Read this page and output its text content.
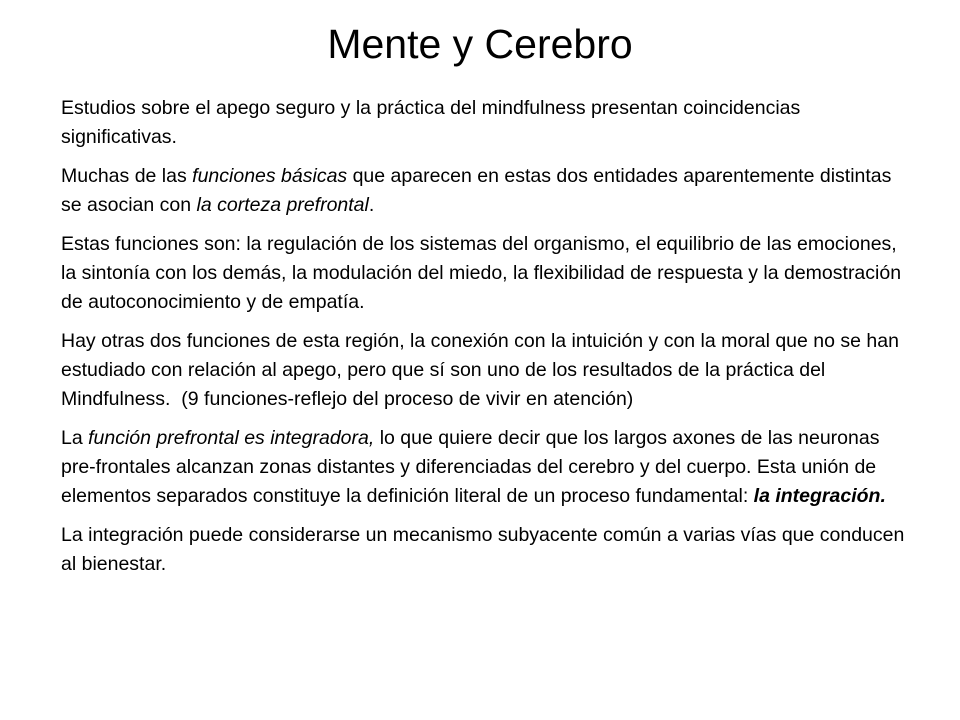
Mente y Cerebro

Estudios sobre el apego seguro y la práctica del mindfulness presentan coincidencias significativas.

Muchas de las funciones básicas que aparecen en estas dos entidades aparentemente distintas se asocian con la corteza prefrontal.

Estas funciones son: la regulación de los sistemas del organismo, el equilibrio de las emociones, la sintonía con los demás, la modulación del miedo, la flexibilidad de respuesta y la demostración de autoconocimiento y de empatía.

Hay otras dos funciones de esta región, la conexión con la intuición y con la moral que no se han estudiado con relación al apego, pero que sí son uno de los resultados de la práctica del Mindfulness.  (9 funciones-reflejo del proceso de vivir en atención)

La función prefrontal es integradora, lo que quiere decir que los largos axones de las neuronas pre-frontales alcanzan zonas distantes y diferenciadas del cerebro y del cuerpo. Esta unión de elementos separados constituye la definición literal de un proceso fundamental: la integración.

La integración puede considerarse un mecanismo subyacente común a varias vías que conducen al bienestar.
